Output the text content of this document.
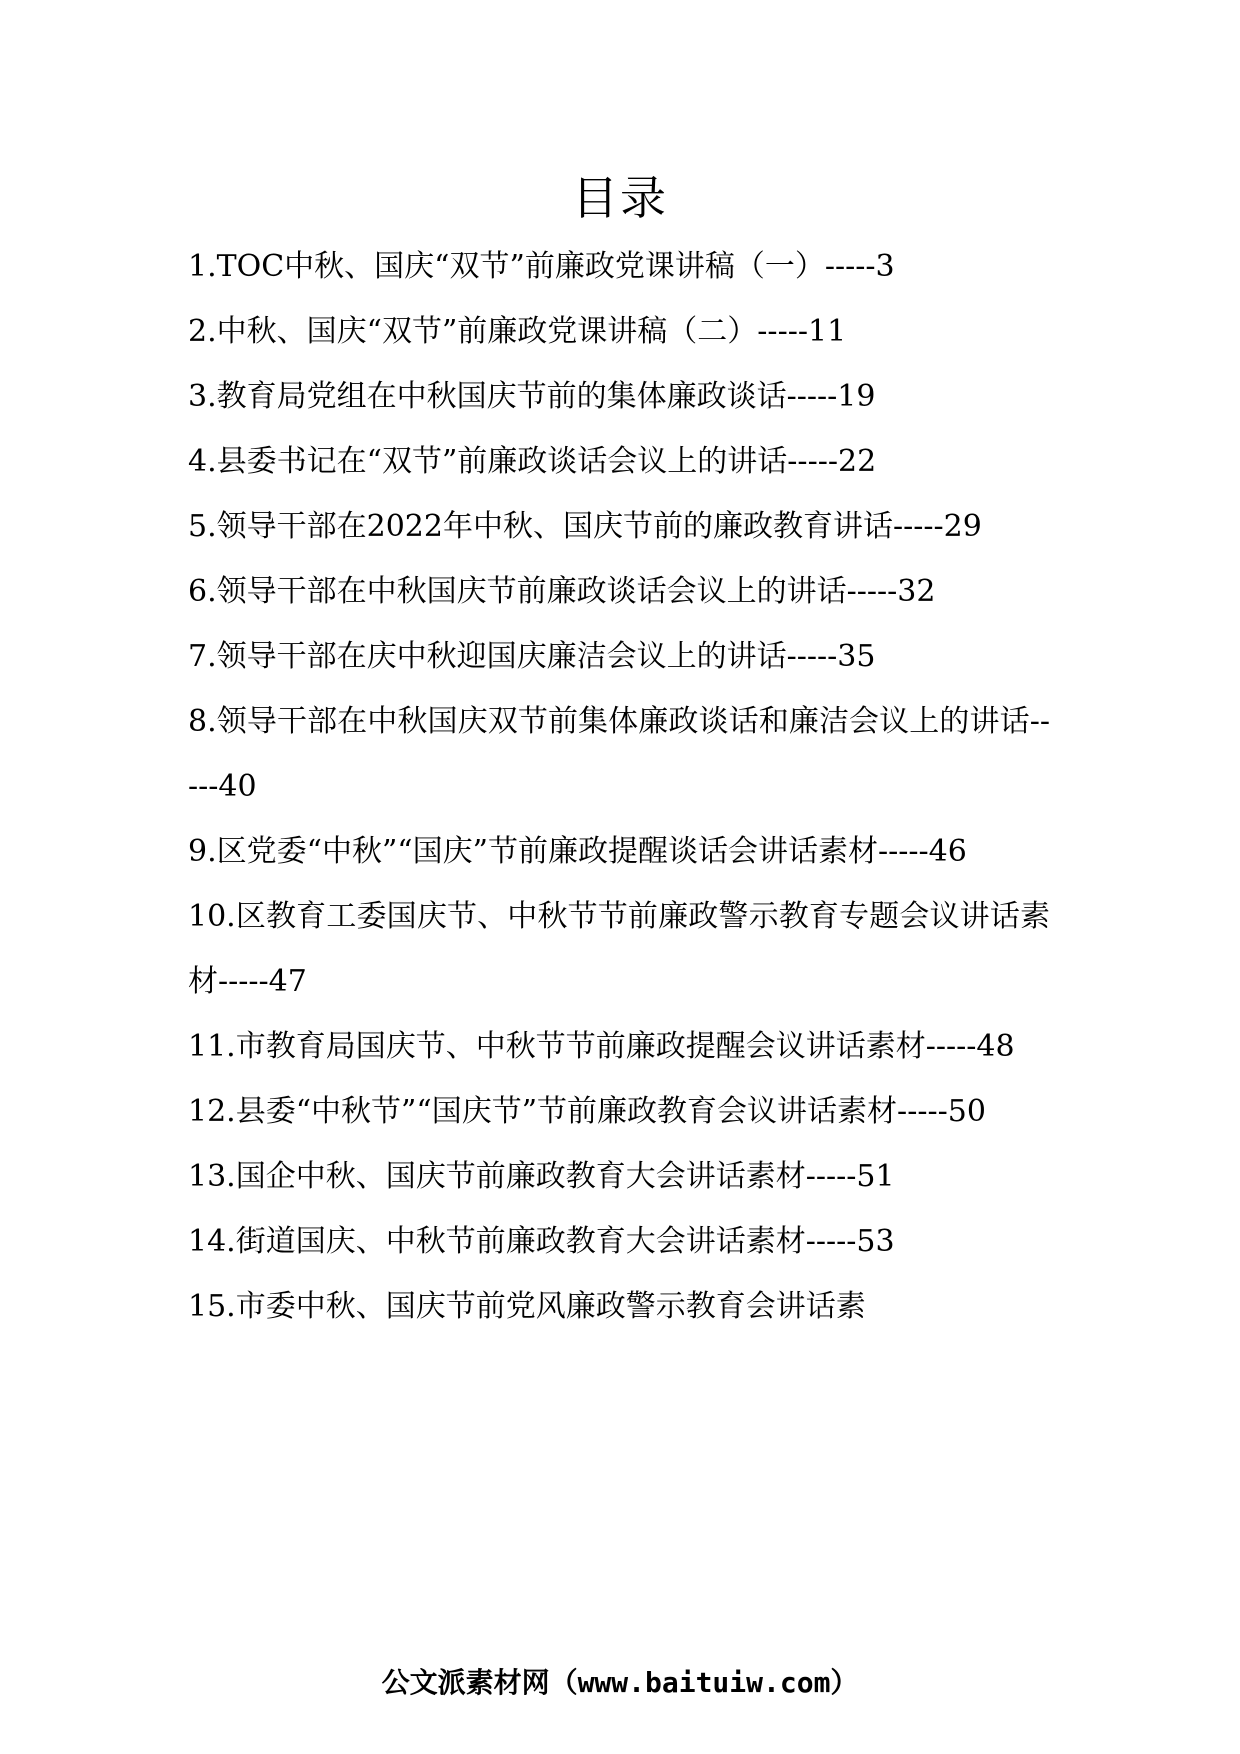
目录
1.TOC中秋、国庆“双节”前廉政党课讲稿（一）-----3
2.中秋、国庆“双节”前廉政党课讲稿（二）-----11
3.教育局党组在中秋国庆节前的集体廉政谈话-----19
4.县委书记在“双节”前廉政谈话会议上的讲话-----22
5.领导干部在2022年中秋、国庆节前的廉政教育讲话-----29
6.领导干部在中秋国庆节前廉政谈话会议上的讲话-----32
7.领导干部在庆中秋迎国庆廉洁会议上的讲话-----35
8.领导干部在中秋国庆双节前集体廉政谈话和廉洁会议上的讲话-----40
9.区党委“中秋”“国庆”节前廉政提醒谈话会讲话素材-----46
10.区教育工委国庆节、中秋节节前廉政警示教育专题会议讲话素材-----47
11.市教育局国庆节、中秋节节前廉政提醒会议讲话素材-----48
12.县委“中秋节”“国庆节”节前廉政教育会议讲话素材-----50
13.国企中秋、国庆节前廉政教育大会讲话素材-----51
14.街道国庆、中秋节前廉政教育大会讲话素材-----53
15.市委中秋、国庆节前党风廉政警示教育会讲话素
公文派素材网（www.baituiw.com）
